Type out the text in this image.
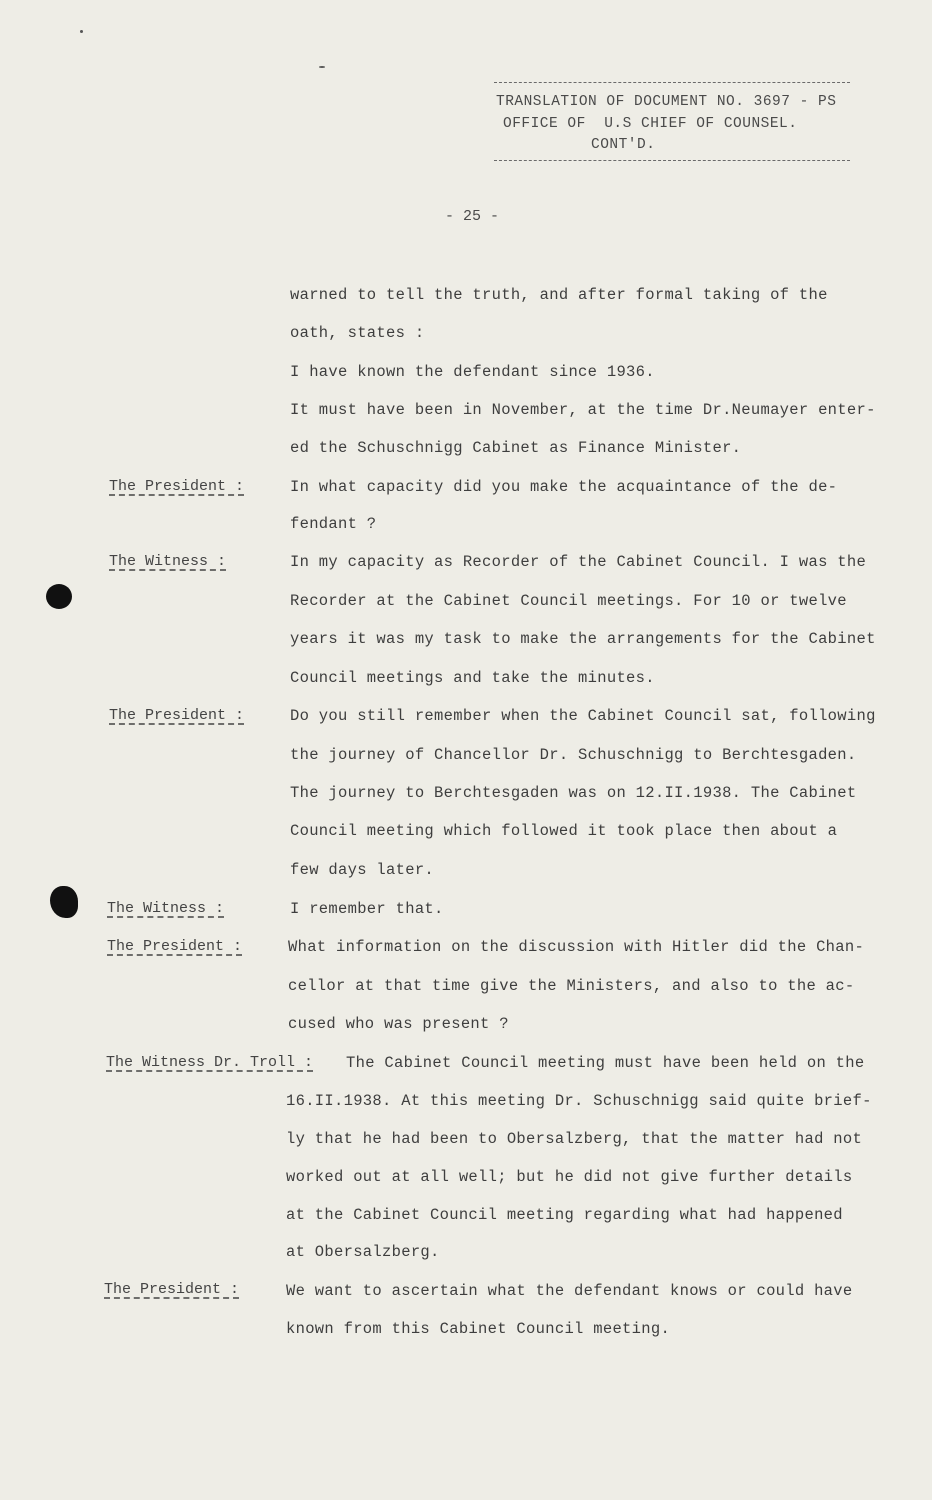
TRANSLATION OF DOCUMENT NO. 3697 - PS
OFFICE OF  U.S CHIEF OF COUNSEL.
CONT'D.
- 25 -
The President :
The Witness :
The President :
The Witness :
The President :
The Witness Dr. Troll :
The President :
warned to tell the truth, and after formal taking of the
oath, states :
I have known the defendant since 1936.
It must have been in November, at the time Dr.Neumayer enter-
ed the Schuschnigg Cabinet as Finance Minister.
In what capacity did you make the acquaintance of the de-
fendant ?
In my capacity as Recorder of the Cabinet Council. I was the
Recorder at the Cabinet Council meetings. For 10 or twelve
years it was my task to make the arrangements for the Cabinet
Council meetings and take the minutes.
Do you still remember when the Cabinet Council sat, following
the journey of Chancellor Dr. Schuschnigg to Berchtesgaden.
The journey to Berchtesgaden was on 12.II.1938. The Cabinet
Council meeting which followed it took place then about a
few days later.
I remember that.
What information on the discussion with Hitler did the Chan-
cellor at that time give the Ministers, and also to the ac-
cused who was present ?
The Cabinet Council meeting must have been held on the
16.II.1938. At this meeting Dr. Schuschnigg said quite brief-
ly that he had been to Obersalzberg, that the matter had not
worked out at all well; but he did not give further details
at the Cabinet Council meeting regarding what had happened
at Obersalzberg.
We want to ascertain what the defendant knows or could have
known from this Cabinet Council meeting.
